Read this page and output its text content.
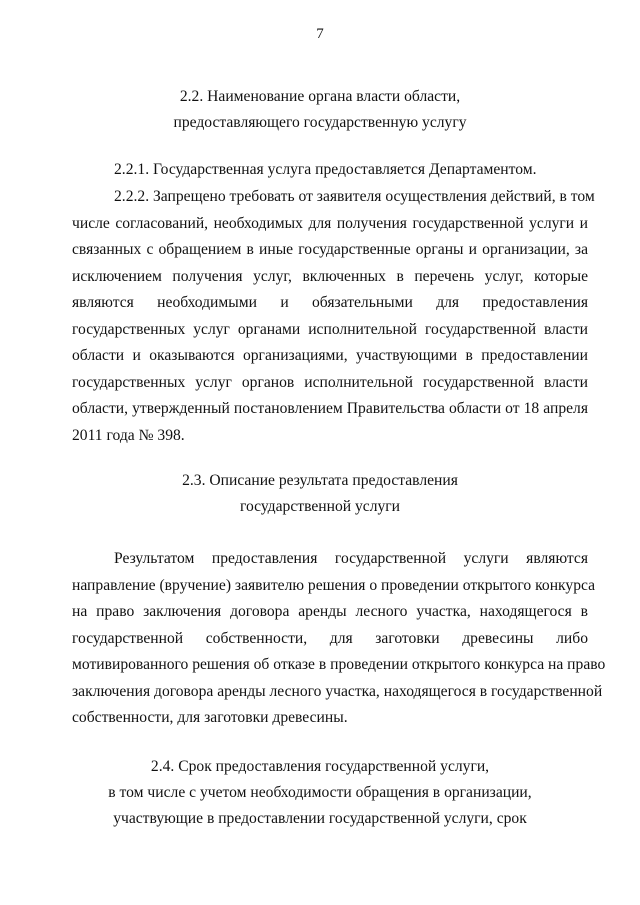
7
2.2. Наименование органа власти области,
предоставляющего государственную услугу
2.2.1. Государственная услуга предоставляется Департаментом.
2.2.2. Запрещено требовать от заявителя осуществления действий, в том
числе согласований, необходимых для получения государственной услуги и
связанных с обращением в иные государственные органы и организации, за
исключением получения услуг, включенных в перечень услуг, которые
являются необходимыми и обязательными для предоставления
государственных услуг органами исполнительной государственной власти
области и оказываются организациями, участвующими в предоставлении
государственных услуг органов исполнительной государственной власти
области, утвержденный постановлением Правительства области от 18 апреля
2011 года № 398.
2.3. Описание результата предоставления
государственной услуги
Результатом предоставления государственной услуги являются
направление (вручение) заявителю решения о проведении открытого конкурса
на право заключения договора аренды лесного участка, находящегося в
государственной собственности, для заготовки древесины либо
мотивированного решения об отказе в проведении открытого конкурса на право
заключения договора аренды лесного участка, находящегося в государственной
собственности, для заготовки древесины.
2.4. Срок предоставления государственной услуги,
в том числе с учетом необходимости обращения в организации,
участвующие в предоставлении государственной услуги, срок
